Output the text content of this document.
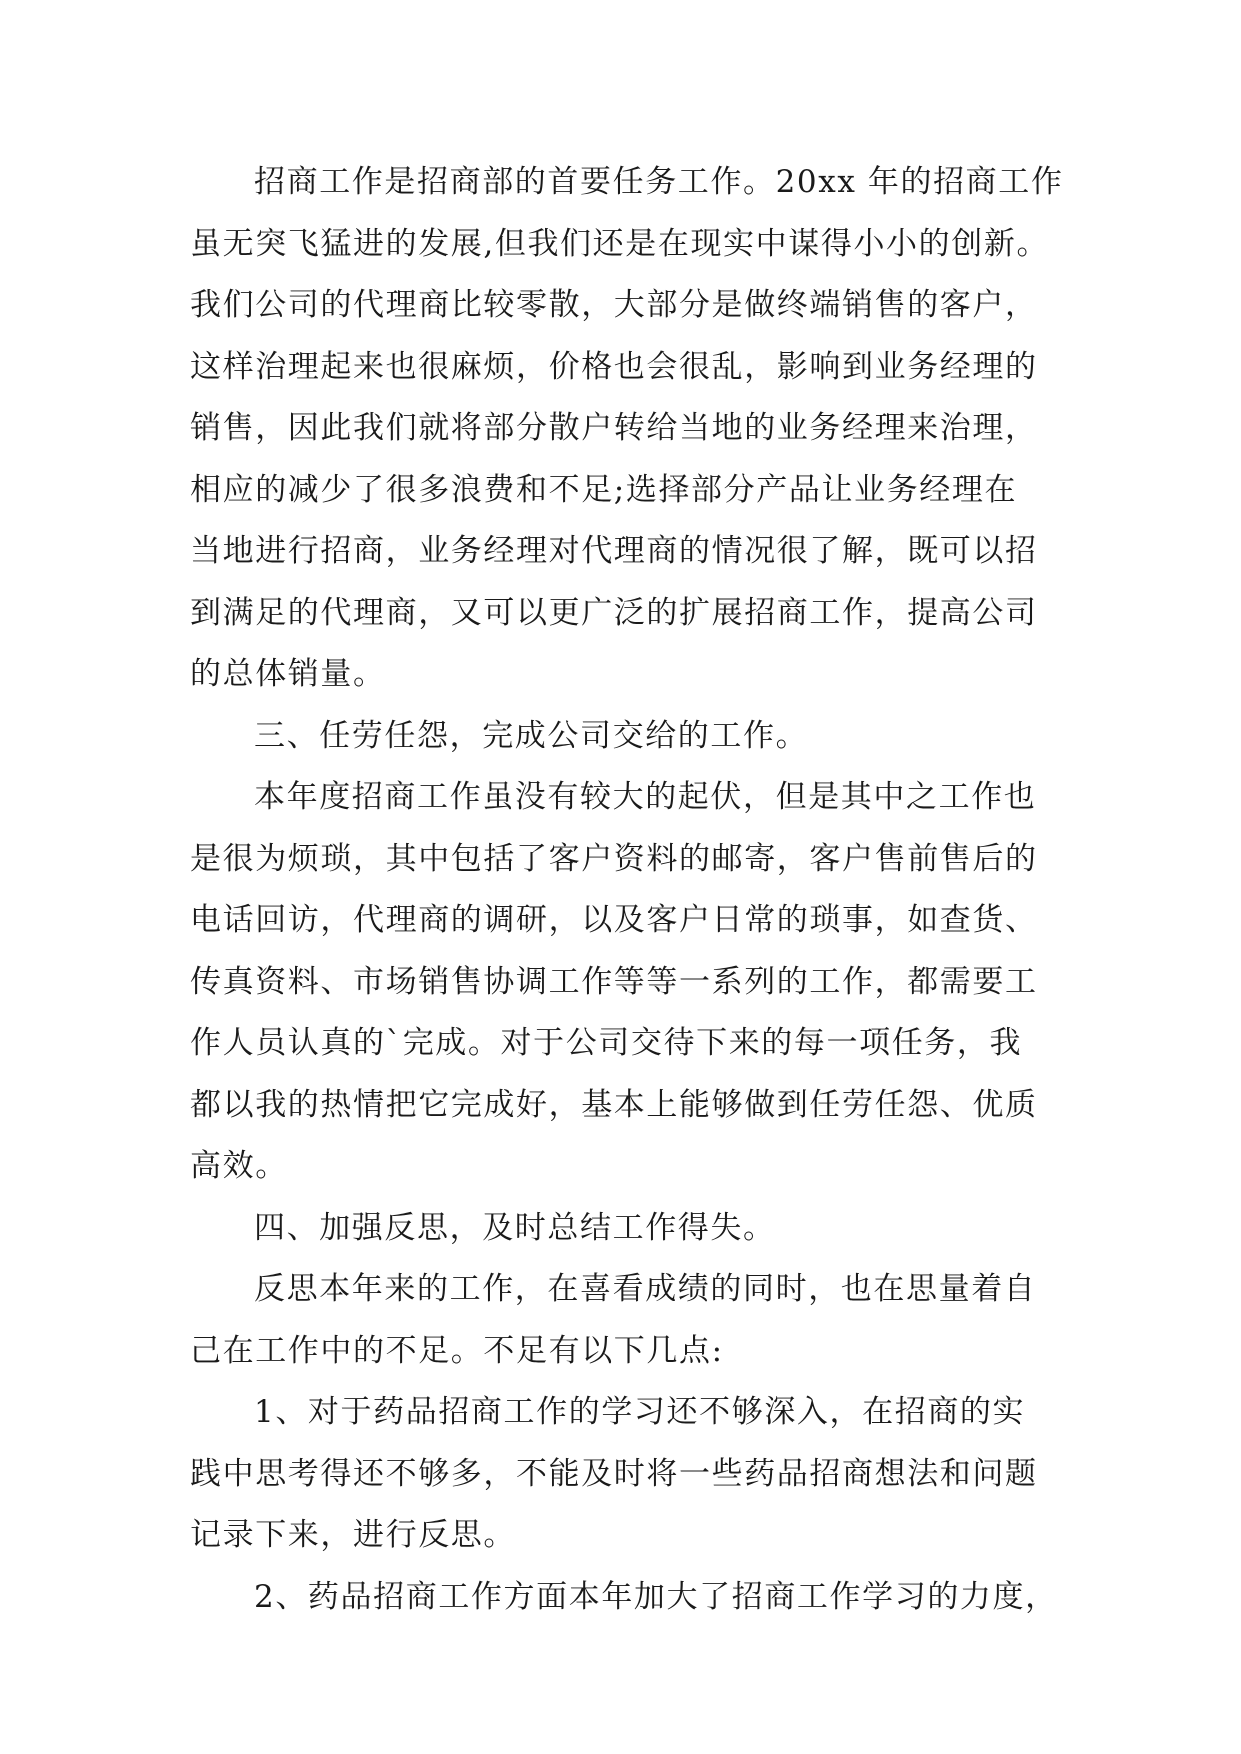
招商工作是招商部的首要任务工作。20xx 年的招商工作
虽无突飞猛进的发展,但我们还是在现实中谋得小小的创新。
我们公司的代理商比较零散，大部分是做终端销售的客户，
这样治理起来也很麻烦，价格也会很乱，影响到业务经理的
销售，因此我们就将部分散户转给当地的业务经理来治理，
相应的减少了很多浪费和不足;选择部分产品让业务经理在
当地进行招商，业务经理对代理商的情况很了解，既可以招
到满足的代理商，又可以更广泛的扩展招商工作，提高公司
的总体销量。
三、任劳任怨，完成公司交给的工作。
本年度招商工作虽没有较大的起伏，但是其中之工作也
是很为烦琐，其中包括了客户资料的邮寄，客户售前售后的
电话回访，代理商的调研，以及客户日常的琐事，如查货、
传真资料、市场销售协调工作等等一系列的工作，都需要工
作人员认真的`完成。对于公司交待下来的每一项任务，我
都以我的热情把它完成好，基本上能够做到任劳任怨、优质
高效。
四、加强反思，及时总结工作得失。
反思本年来的工作，在喜看成绩的同时，也在思量着自
己在工作中的不足。不足有以下几点:
1、对于药品招商工作的学习还不够深入，在招商的实
践中思考得还不够多，不能及时将一些药品招商想法和问题
记录下来，进行反思。
2、药品招商工作方面本年加大了招商工作学习的力度，
